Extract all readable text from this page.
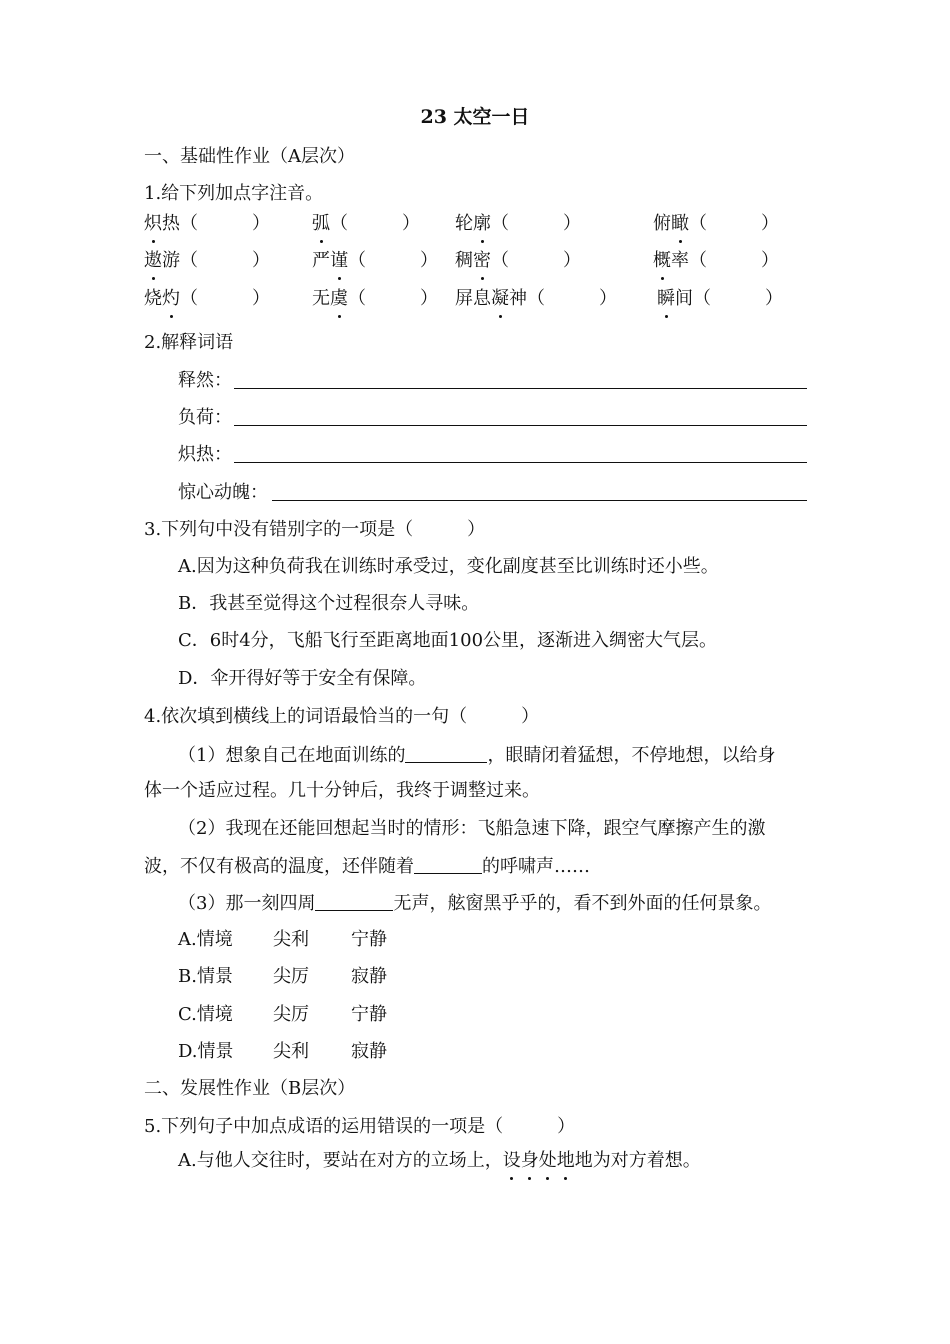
23 太空一日
一、基础性作业（A层次）
1.给下列加点字注音。
炽热（　　　） 弧（　　　） 轮廓（　　　）	俯瞰（　　　）
遨游（　　　） 严谨（　　　） 稠密（　　　）	概率（　　　）
烧灼（　　　） 无虞（　　　） 屏息凝神（　　　） 瞬间（　　　）
2.解释词语
释然：
负荷：
炽热：
惊心动魄：
3.下列句中没有错别字的一项是（　　　）
A.因为这种负荷我在训练时承受过，变化副度甚至比训练时还小些。
B．我甚至觉得这个过程很奈人寻味。
C．6时4分，飞船飞行至距离地面100公里，逐渐进入绸密大气层。
D．伞开得好等于安全有保障。
4.依次填到横线上的词语最恰当的一句（　　　）
（1）想象自己在地面训练的	，眼睛闭着猛想，不停地想，以给身
体一个适应过程。几十分钟后，我终于调整过来。
（2）我现在还能回想起当时的情形：飞船急速下降，跟空气摩擦产生的激
波，不仅有极高的温度，还伴随着	的呼啸声……
（3）那一刻四周	无声，舷窗黑乎乎的，看不到外面的任何景象。
A.情境 尖利 宁静
B.情景 尖厉 寂静
C.情境 尖厉 宁静
D.情景 尖利 寂静
二、发展性作业（B层次）
5.下列句子中加点成语的运用错误的一项是（　　　）
A.与他人交往时，要站在对方的立场上，设身处地地为对方着想。
